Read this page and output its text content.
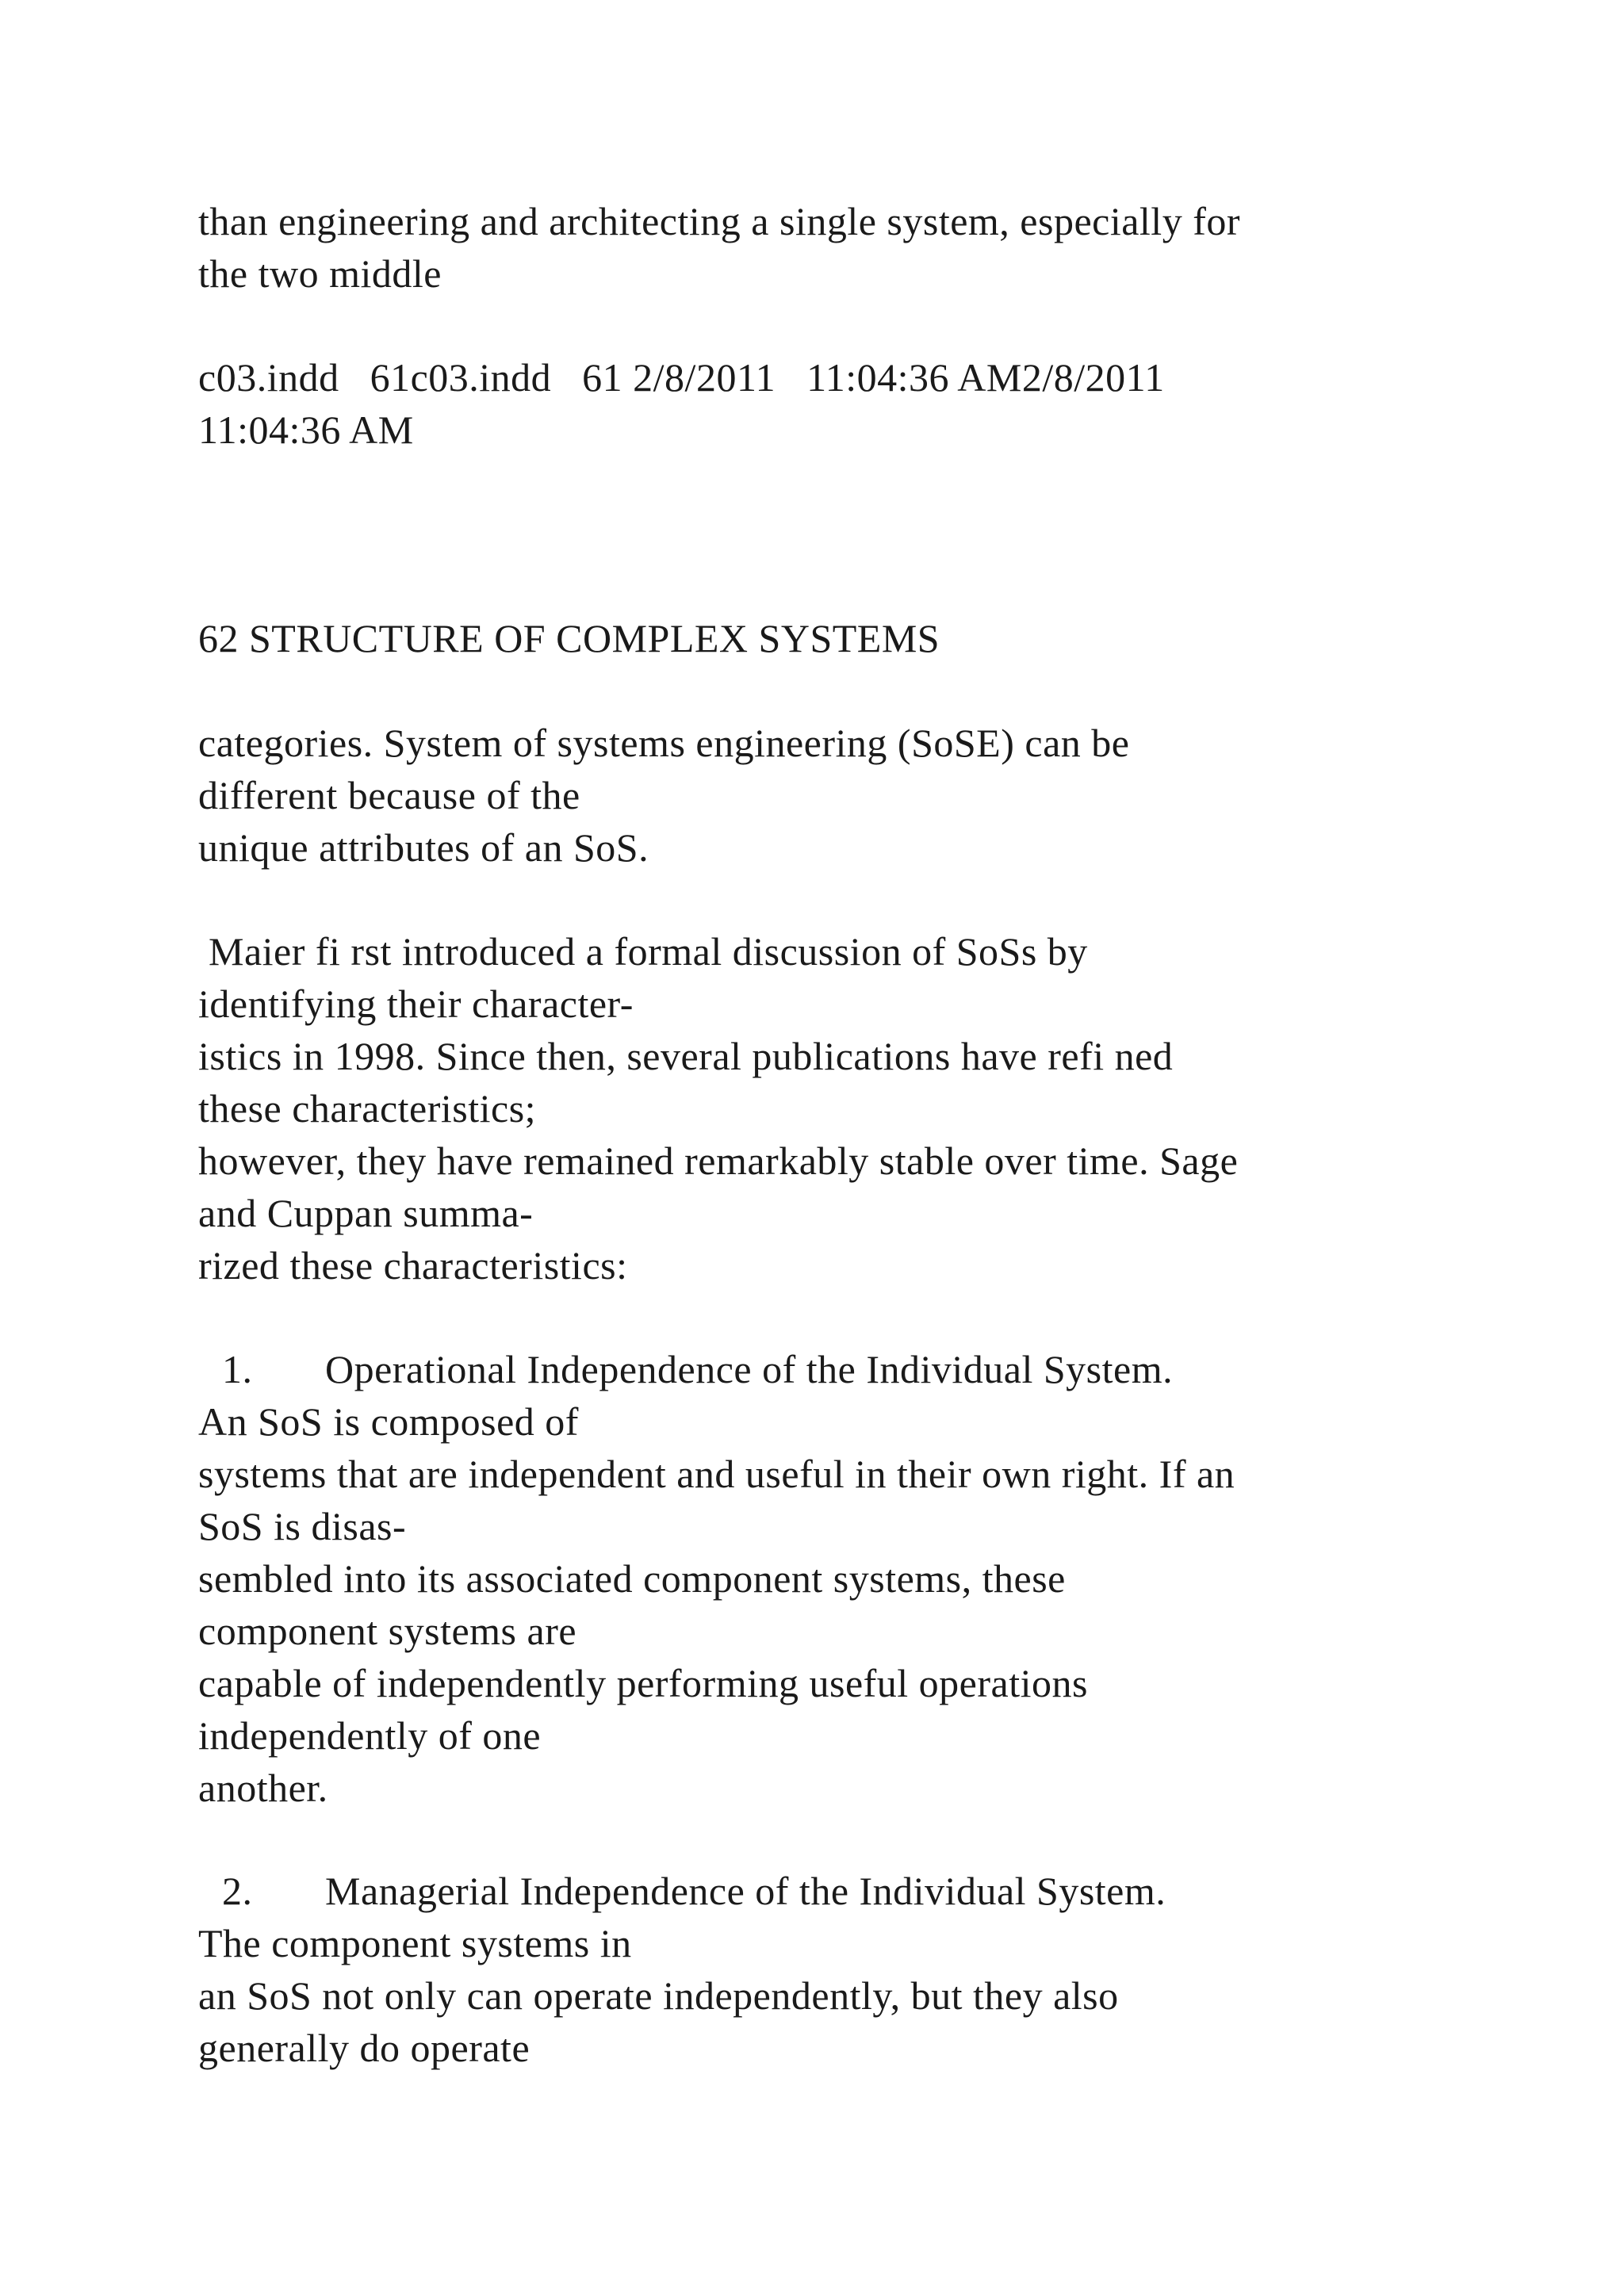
than engineering and architecting a single system, especially for
the two middle
c03.indd   61c03.indd   61 2/8/2011   11:04:36 AM2/8/2011
11:04:36 AM
62 STRUCTURE OF COMPLEX SYSTEMS
categories. System of systems engineering (SoSE) can be
different because of the
unique attributes of an SoS.
Maier fi rst introduced a formal discussion of SoSs by
identifying their character-
istics in 1998. Since then, several publications have refi ned
these characteristics;
however, they have remained remarkably stable over time. Sage
and Cuppan summa-
rized these characteristics:
1. Operational Independence of the Individual System.
An SoS is composed of
systems that are independent and useful in their own right. If an
SoS is disas-
sembled into its associated component systems, these
component systems are
capable of independently performing useful operations
independently of one
another.
2. Managerial Independence of the Individual System.
The component systems in
an SoS not only can operate independently, but they also
generally do operate
